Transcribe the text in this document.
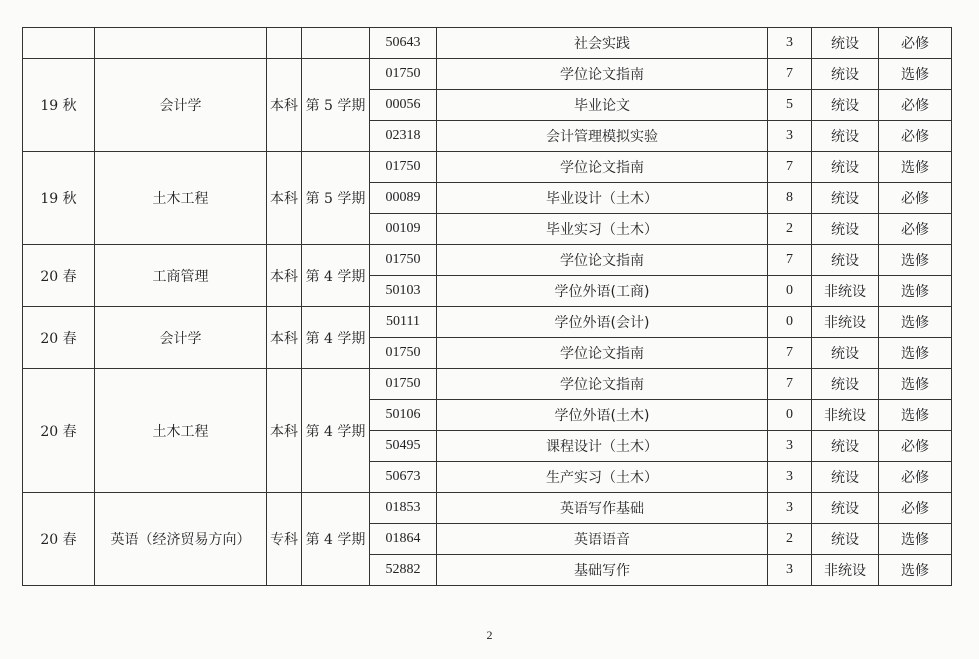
				50643	社会实践	3	统设	必修
19 秋	会计学	本科	第 5 学期	01750	学位论文指南	7	统设	选修
				00056	毕业论文	5	统设	必修
				02318	会计管理模拟实验	3	统设	必修
19 秋	土木工程	本科	第 5 学期	01750	学位论文指南	7	统设	选修
				00089	毕业设计（土木）	8	统设	必修
				00109	毕业实习（土木）	2	统设	必修
20 春	工商管理	本科	第 4 学期	01750	学位论文指南	7	统设	选修
				50103	学位外语(工商)	0	非统设	选修
20 春	会计学	本科	第 4 学期	50111	学位外语(会计)	0	非统设	选修
				01750	学位论文指南	7	统设	选修
20 春	土木工程	本科	第 4 学期	01750	学位论文指南	7	统设	选修
				50106	学位外语(土木)	0	非统设	选修
				50495	课程设计（土木）	3	统设	必修
				50673	生产实习（土木）	3	统设	必修
20 春	英语（经济贸易方向）	专科	第 4 学期	01853	英语写作基础	3	统设	必修
				01864	英语语音	2	统设	选修
				52882	基础写作	3	非统设	选修
2
